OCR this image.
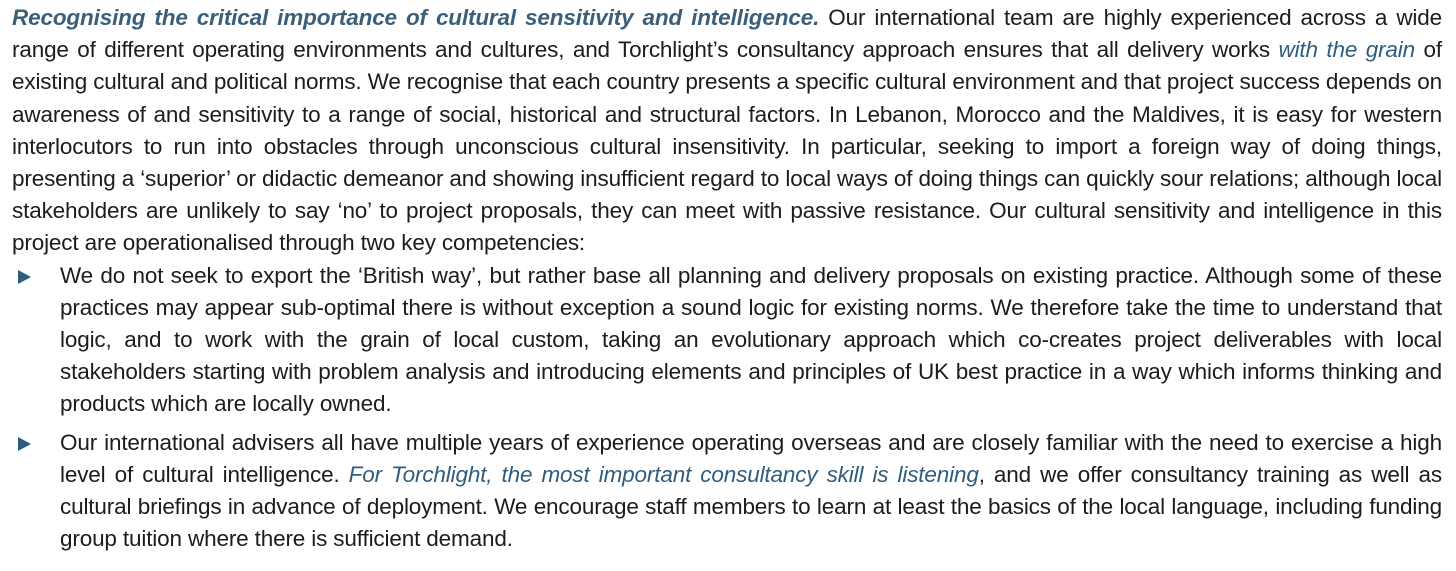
Recognising the critical importance of cultural sensitivity and intelligence. Our international team are highly experienced across a wide range of different operating environments and cultures, and Torchlight’s consultancy approach ensures that all delivery works with the grain of existing cultural and political norms. We recognise that each country presents a specific cultural environment and that project success depends on awareness of and sensitivity to a range of social, historical and structural factors. In Lebanon, Morocco and the Maldives, it is easy for western interlocutors to run into obstacles through unconscious cultural insensitivity. In particular, seeking to import a foreign way of doing things, presenting a ‘superior’ or didactic demeanor and showing insufficient regard to local ways of doing things can quickly sour relations; although local stakeholders are unlikely to say ‘no’ to project proposals, they can meet with passive resistance. Our cultural sensitivity and intelligence in this project are operationalised through two key competencies:

We do not seek to export the ‘British way’, but rather base all planning and delivery proposals on existing practice. Although some of these practices may appear sub-optimal there is without exception a sound logic for existing norms. We therefore take the time to understand that logic, and to work with the grain of local custom, taking an evolutionary approach which co-creates project deliverables with local stakeholders starting with problem analysis and introducing elements and principles of UK best practice in a way which informs thinking and products which are locally owned.
Our international advisers all have multiple years of experience operating overseas and are closely familiar with the need to exercise a high level of cultural intelligence. For Torchlight, the most important consultancy skill is listening, and we offer consultancy training as well as cultural briefings in advance of deployment. We encourage staff members to learn at least the basics of the local language, including funding group tuition where there is sufficient demand.
